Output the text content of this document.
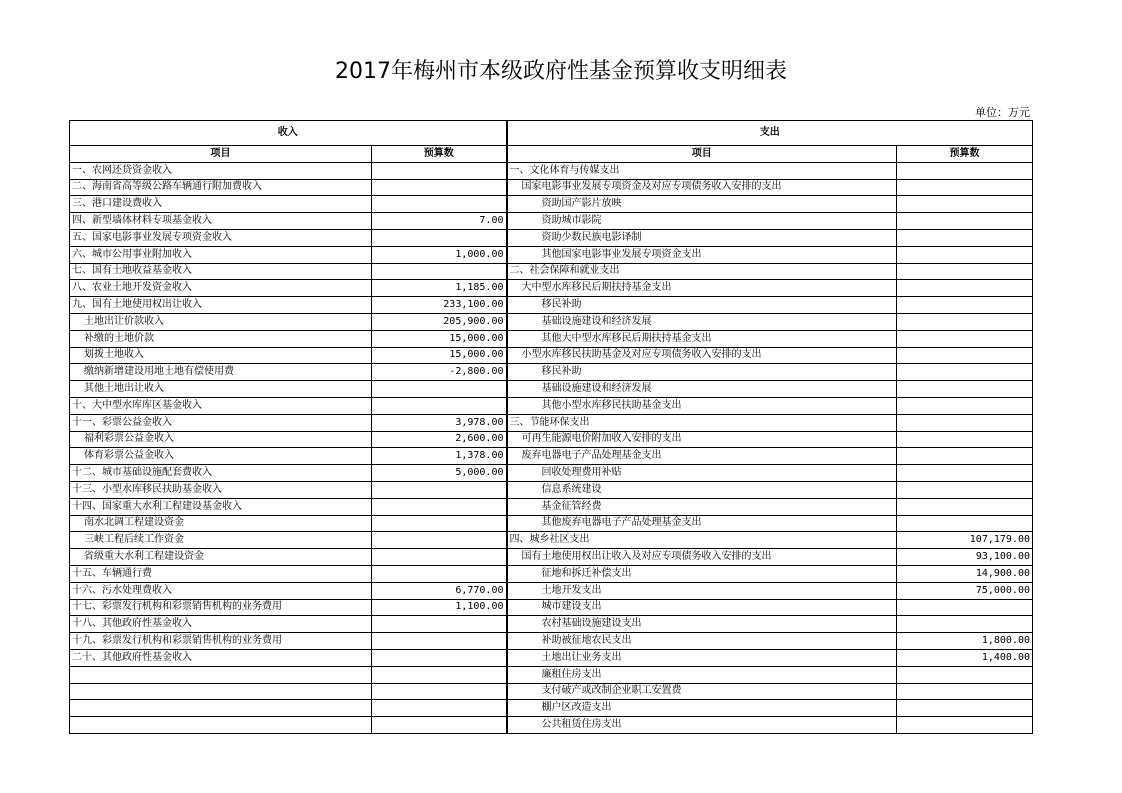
2017年梅州市本级政府性基金预算收支明细表
单位：万元
收入		支出	
项目	预算数	项目	预算数
一、农网还贷资金收入		一、文化体育与传媒支出	
二、海南省高等级公路车辆通行附加费收入		国家电影事业发展专项资金及对应专项债务收入安排的支出	
三、港口建设费收入		资助国产影片放映	
四、新型墙体材料专项基金收入	7.00	资助城市影院	
五、国家电影事业发展专项资金收入		资助少数民族电影译制	
六、城市公用事业附加收入	1,000.00	其他国家电影事业发展专项资金支出	
七、国有土地收益基金收入		二、社会保障和就业支出	
八、农业土地开发资金收入	1,185.00	大中型水库移民后期扶持基金支出	
九、国有土地使用权出让收入	233,100.00	移民补助	
土地出让价款收入	205,900.00	基础设施建设和经济发展	
补缴的土地价款	15,000.00	其他大中型水库移民后期扶持基金支出	
划拨土地收入	15,000.00	小型水库移民扶助基金及对应专项债务收入安排的支出	
缴纳新增建设用地土地有偿使用费	-2,800.00	移民补助	
其他土地出让收入		基础设施建设和经济发展	
十、大中型水库库区基金收入		其他小型水库移民扶助基金支出	
十一、彩票公益金收入	3,978.00	三、节能环保支出	
福利彩票公益金收入	2,600.00	可再生能源电价附加收入安排的支出	
体育彩票公益金收入	1,378.00	废弃电器电子产品处理基金支出	
十二、城市基础设施配套费收入	5,000.00	回收处理费用补贴	
十三、小型水库移民扶助基金收入		信息系统建设	
十四、国家重大水利工程建设基金收入		基金征管经费	
南水北调工程建设资金		其他废弃电器电子产品处理基金支出	
三峡工程后续工作资金		四、城乡社区支出	107,179.00
省级重大水利工程建设资金		国有土地使用权出让收入及对应专项债务收入安排的支出	93,100.00
十五、车辆通行费		征地和拆迁补偿支出	14,900.00
十六、污水处理费收入	6,770.00	土地开发支出	75,000.00
十七、彩票发行机构和彩票销售机构的业务费用	1,100.00	城市建设支出	
十八、其他政府性基金收入		农村基础设施建设支出	
十九、彩票发行机构和彩票销售机构的业务费用		补助被征地农民支出	1,800.00
二十、其他政府性基金收入		土地出让业务支出	1,400.00
		廉租住房支出	
		支付破产或改制企业职工安置费	
		棚户区改造支出	
		公共租赁住房支出	
